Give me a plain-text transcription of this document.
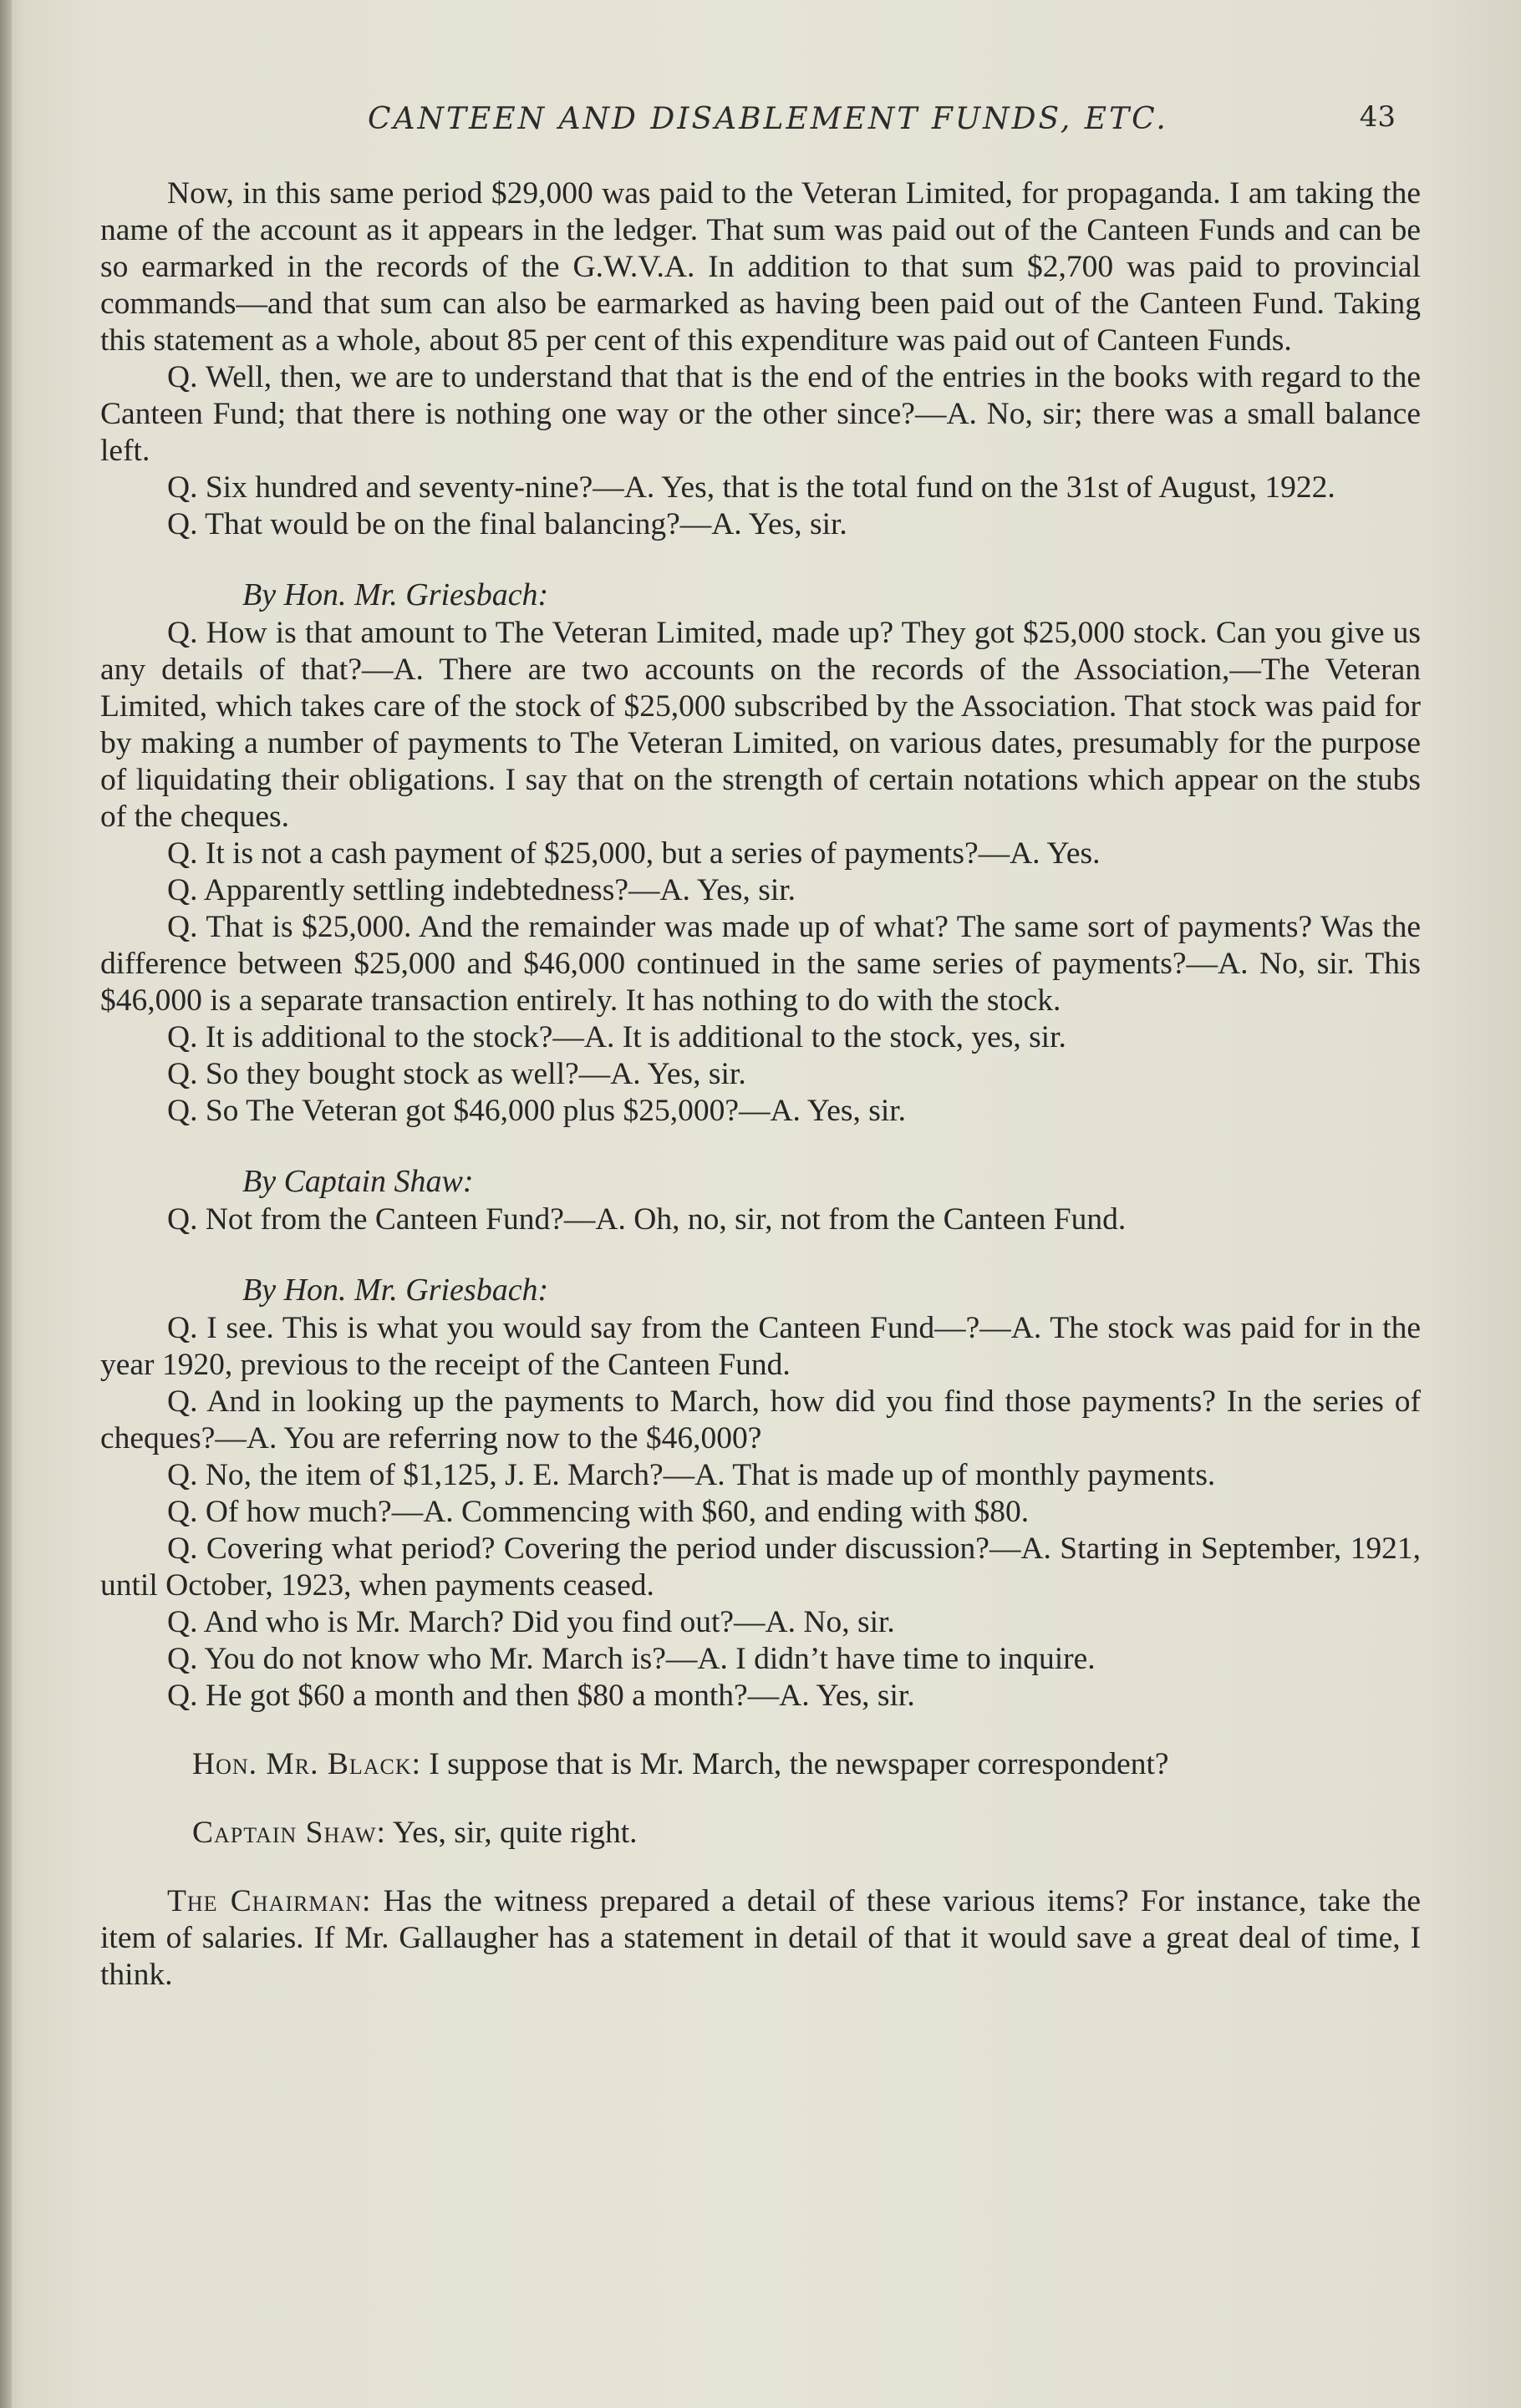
CANTEEN AND DISABLEMENT FUNDS, ETC.	43

Now, in this same period $29,000 was paid to the Veteran Limited, for propaganda. I am taking the name of the account as it appears in the ledger. That sum was paid out of the Canteen Funds and can be so earmarked in the records of the G.W.V.A. In addition to that sum $2,700 was paid to provincial commands—and that sum can also be earmarked as having been paid out of the Canteen Fund. Taking this statement as a whole, about 85 per cent of this expenditure was paid out of Canteen Funds.

Q. Well, then, we are to understand that that is the end of the entries in the books with regard to the Canteen Fund; that there is nothing one way or the other since?—A. No, sir; there was a small balance left.

Q. Six hundred and seventy-nine?—A. Yes, that is the total fund on the 31st of August, 1922.

Q. That would be on the final balancing?—A. Yes, sir.

By Hon. Mr. Griesbach:

Q. How is that amount to The Veteran Limited, made up? They got $25,000 stock. Can you give us any details of that?—A. There are two accounts on the records of the Association,—The Veteran Limited, which takes care of the stock of $25,000 subscribed by the Association. That stock was paid for by making a number of payments to The Veteran Limited, on various dates, presumably for the purpose of liquidating their obligations. I say that on the strength of certain notations which appear on the stubs of the cheques.

Q. It is not a cash payment of $25,000, but a series of payments?—A. Yes.

Q. Apparently settling indebtedness?—A. Yes, sir.

Q. That is $25,000. And the remainder was made up of what? The same sort of payments? Was the difference between $25,000 and $46,000 continued in the same series of payments?—A. No, sir. This $46,000 is a separate transaction entirely. It has nothing to do with the stock.

Q. It is additional to the stock?—A. It is additional to the stock, yes, sir.

Q. So they bought stock as well?—A. Yes, sir.

Q. So The Veteran got $46,000 plus $25,000?—A. Yes, sir.

By Captain Shaw:

Q. Not from the Canteen Fund?—A. Oh, no, sir, not from the Canteen Fund.

By Hon. Mr. Griesbach:

Q. I see. This is what you would say from the Canteen Fund—?—A. The stock was paid for in the year 1920, previous to the receipt of the Canteen Fund.

Q. And in looking up the payments to March, how did you find those payments? In the series of cheques?—A. You are referring now to the $46,000?

Q. No, the item of $1,125, J. E. March?—A. That is made up of monthly payments.

Q. Of how much?—A. Commencing with $60, and ending with $80.

Q. Covering what period? Covering the period under discussion?—A. Starting in September, 1921, until October, 1923, when payments ceased.

Q. And who is Mr. March? Did you find out?—A. No, sir.

Q. You do not know who Mr. March is?—A. I didn’t have time to inquire.

Q. He got $60 a month and then $80 a month?—A. Yes, sir.

Hon. Mr. Black: I suppose that is Mr. March, the newspaper correspondent?

Captain Shaw: Yes, sir, quite right.

The Chairman: Has the witness prepared a detail of these various items? For instance, take the item of salaries. If Mr. Gallaugher has a statement in detail of that it would save a great deal of time, I think.
